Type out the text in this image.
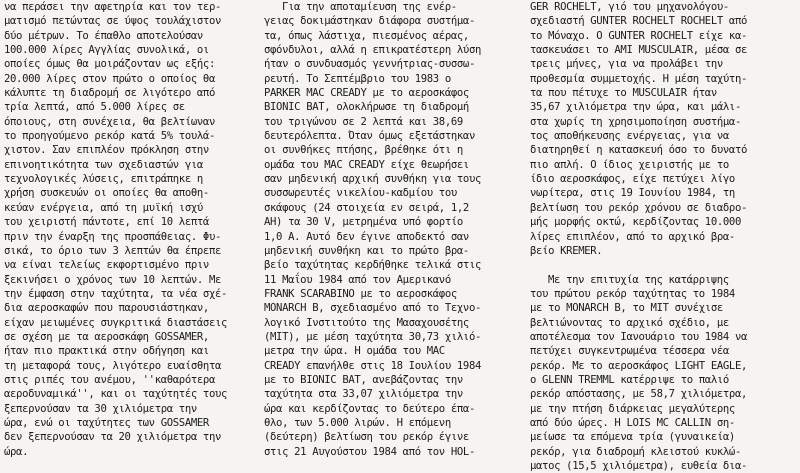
να περάσει την αφετηρία και τον τερ-
ματισμό πετώντας σε ύψος τουλάχιστον
δύο μέτρων. Το έπαθλο αποτελούσαν
100.000 λίρες Αγγλίας συνολικά, οι
οποίες όμως θα μοιράζονταν ως εξής:
20.000 λίρες στον πρώτο ο οποίος θα
κάλυπτε τη διαδρομή σε λιγότερο από
τρία λεπτά, από 5.000 λίρες σε
όποιους, στη συνέχεια, θα βελτίωναν
το προηγούμενο ρεκόρ κατά 5% τουλά-
χιστον. Σαν επιπλέον πρόκληση στην
επινοητικότητα των σχεδιαστών για
τεχνολογικές λύσεις, επιτράπηκε η
χρήση συσκευών οι οποίες θα αποθη-
κεύαν ενέργεια, από τη μυϊκή ισχύ
του χειριστή πάντοτε, επί 10 λεπτά
πριν την έναρξη της προσπάθειας. Φυ-
σικά, το όριο των 3 λεπτών θα έπρεπε
να είναι τελείως εκφορτισμένο πριν
ξεκινήσει ο χρόνος των 10 λεπτών. Με
την έμφαση στην ταχύτητα, τα νέα σχέ-
δια αεροσκαφών που παρουσιάστηκαν,
είχαν μειωμένες συγκριτικά διαστάσεις
σε σχέση με τα αεροσκάφη GOSSAMER,
ήταν πιο πρακτικά στην οδήγηση και
τη μεταφορά τους, λιγότερο ευαίσθητα
στις ριπές του ανέμου, ''καθαρότερα
αεροδυναμικά'', και οι ταχύτητές τους
ξεπερνούσαν τα 30 χιλιόμετρα την
ώρα, ενώ οι ταχύτητες των GOSSAMER
δεν ξεπερνούσαν τα 20 χιλιόμετρα την
ώρα.
Για την αποταμίευση της ενέρ-
γειας δοκιμάστηκαν διάφορα συστήμα-
τα, όπως λάστιχα, πιεσμένος αέρας,
σφόνδυλοι, αλλά η επικρατέστερη λύση
ήταν ο συνδυασμός γεννήτριας-συσσω-
ρευτή. Το Σεπτέμβριο του 1983 ο
PARKER MAC CREADY με το αεροσκάφος
BIONIC BAT, ολοκλήρωσε τη διαδρομή
του τριγώνου σε 2 λεπτά και 38,69
δευτερόλεπτα. Όταν όμως εξετάστηκαν
οι συνθήκες πτήσης, βρέθηκε ότι η
ομάδα του MAC CREADY είχε θεωρήσει
σαν μηδενική αρχική συνθήκη για τους
συσσωρευτές νικελίου-καδμίου του
σκάφους (24 στοιχεία εν σειρά, 1,2
AH) τα 30 V, μετρημένα υπό φορτίο
1,0 A. Αυτό δεν έγινε αποδεκτό σαν
μηδενική συνθήκη και το πρώτο βρα-
βείο ταχύτητας κερδήθηκε τελικά στις
11 Μαΐου 1984 από τον Αμερικανό
FRANK SCARABINO με το αεροσκάφος
MONARCH B, σχεδιασμένο από το Τεχνο-
λογικό Ινστιτούτο της Μασαχουσέτης
(MIT), με μέση ταχύτητα 30,73 χιλιό-
μετρα την ώρα. Η ομάδα του MAC
CREADY επανήλθε στις 18 Ιουλίου 1984
με το BIONIC BAT, ανεβάζοντας την
ταχύτητα στα 33,07 χιλιόμετρα την
ώρα και κερδίζοντας το δεύτερο έπα-
θλο, των 5.000 λιρών. Η επόμενη
(δεύτερη) βελτίωση του ρεκόρ έγινε
στις 21 Αυγούστου 1984 από τον HOL-
GER ROCHELT, γιό του μηχανολόγου-
σχεδιαστή GUNTER ROCHELT ROCHELT από
το Μόναχο. Ο GUNTER ROCHELT είχε κα-
τασκευάσει το AMI MUSCULAIR, μέσα σε
τρεις μήνες, για να προλάβει την
προθεσμία συμμετοχής. Η μέση ταχύτη-
τα που πέτυχε το MUSCULAIR ήταν
35,67 χιλιόμετρα την ώρα, και μάλι-
στα χωρίς τη χρησιμοποίηση συστήμα-
τος αποθήκευσης ενέργειας, για να
διατηρηθεί η κατασκευή όσο το δυνατό
πιο απλή. Ο ίδιος χειριστής με το
ίδιο αεροσκάφος, είχε πετύχει λίγο
νωρίτερα, στις 19 Ιουνίου 1984, τη
βελτίωση του ρεκόρ χρόνου σε διαδρο-
μής μορφής οκτώ, κερδίζοντας 10.000
λίρες επιπλέον, από το αρχικό βρα-
βείο KREMER.
Με την επιτυχία της κατάρριψης
του πρώτου ρεκόρ ταχύτητας το 1984
με το MONARCH B, το MIT συνέχισε
βελτιώνοντας το αρχικό σχέδιο, με
αποτέλεσμα τον Ιανουάριο του 1984 να
πετύχει συγκεντρωμένα τέσσερα νέα
ρεκόρ. Με το αεροσκάφος LIGHT EAGLE,
ο GLENN TREMML κατέρριψε το παλιό
ρεκόρ απόστασης, με 58,7 χιλιόμετρα,
με την πτήση διάρκειας μεγαλύτερης
από δύο ώρες. Η LOIS MC CALLIN ση-
μείωσε τα επόμενα τρία (γυναικεία)
ρεκόρ, για διαδρομή κλειστού κυκλώ-
ματος (15,5 χιλιόμετρα), ευθεία δια-
